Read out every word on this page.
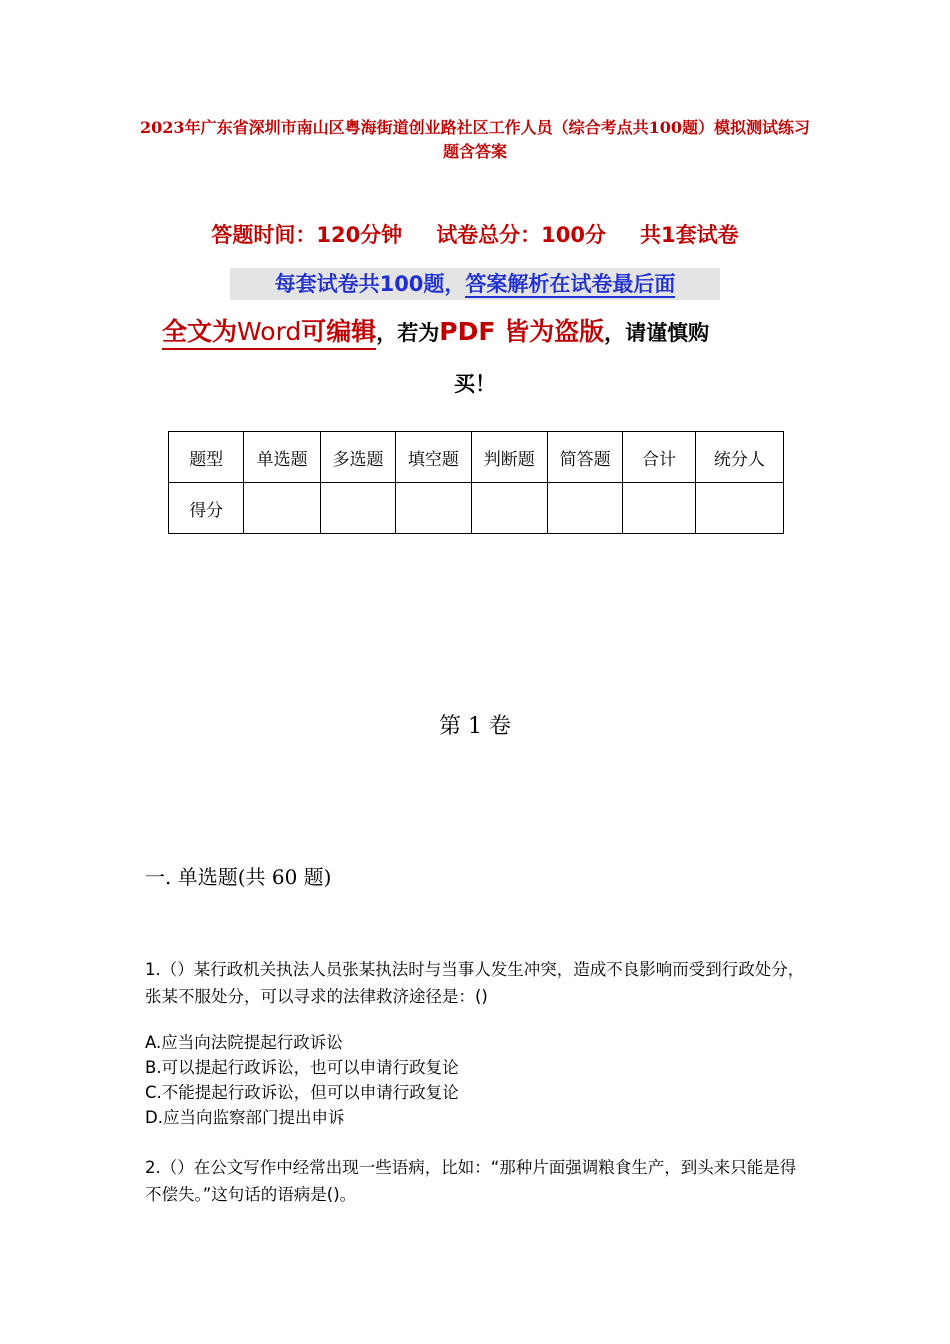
2023年广东省深圳市南山区粤海街道创业路社区工作人员（综合考点共100题）模拟测试练习题含答案
答题时间：120分钟 试卷总分：100分 共1套试卷
每套试卷共100题，答案解析在试卷最后面
全文为Word可编辑，若为PDF 皆为盗版，请谨慎购
买！
题型	单选题	多选题	填空题	判断题	简答题	合计	统分人
得分							
第 1 卷
一. 单选题(共 60 题)
1.（）某行政机关执法人员张某执法时与当事人发生冲突，造成不良影响而受到行政处分，张某不服处分，可以寻求的法律救济途径是：()
A.应当向法院提起行政诉讼
B.可以提起行政诉讼，也可以申请行政复论
C.不能提起行政诉讼，但可以申请行政复论
D.应当向监察部门提出申诉
2.（）在公文写作中经常出现一些语病，比如：“那种片面强调粮食生产，到头来只能是得不偿失。”这句话的语病是()。
